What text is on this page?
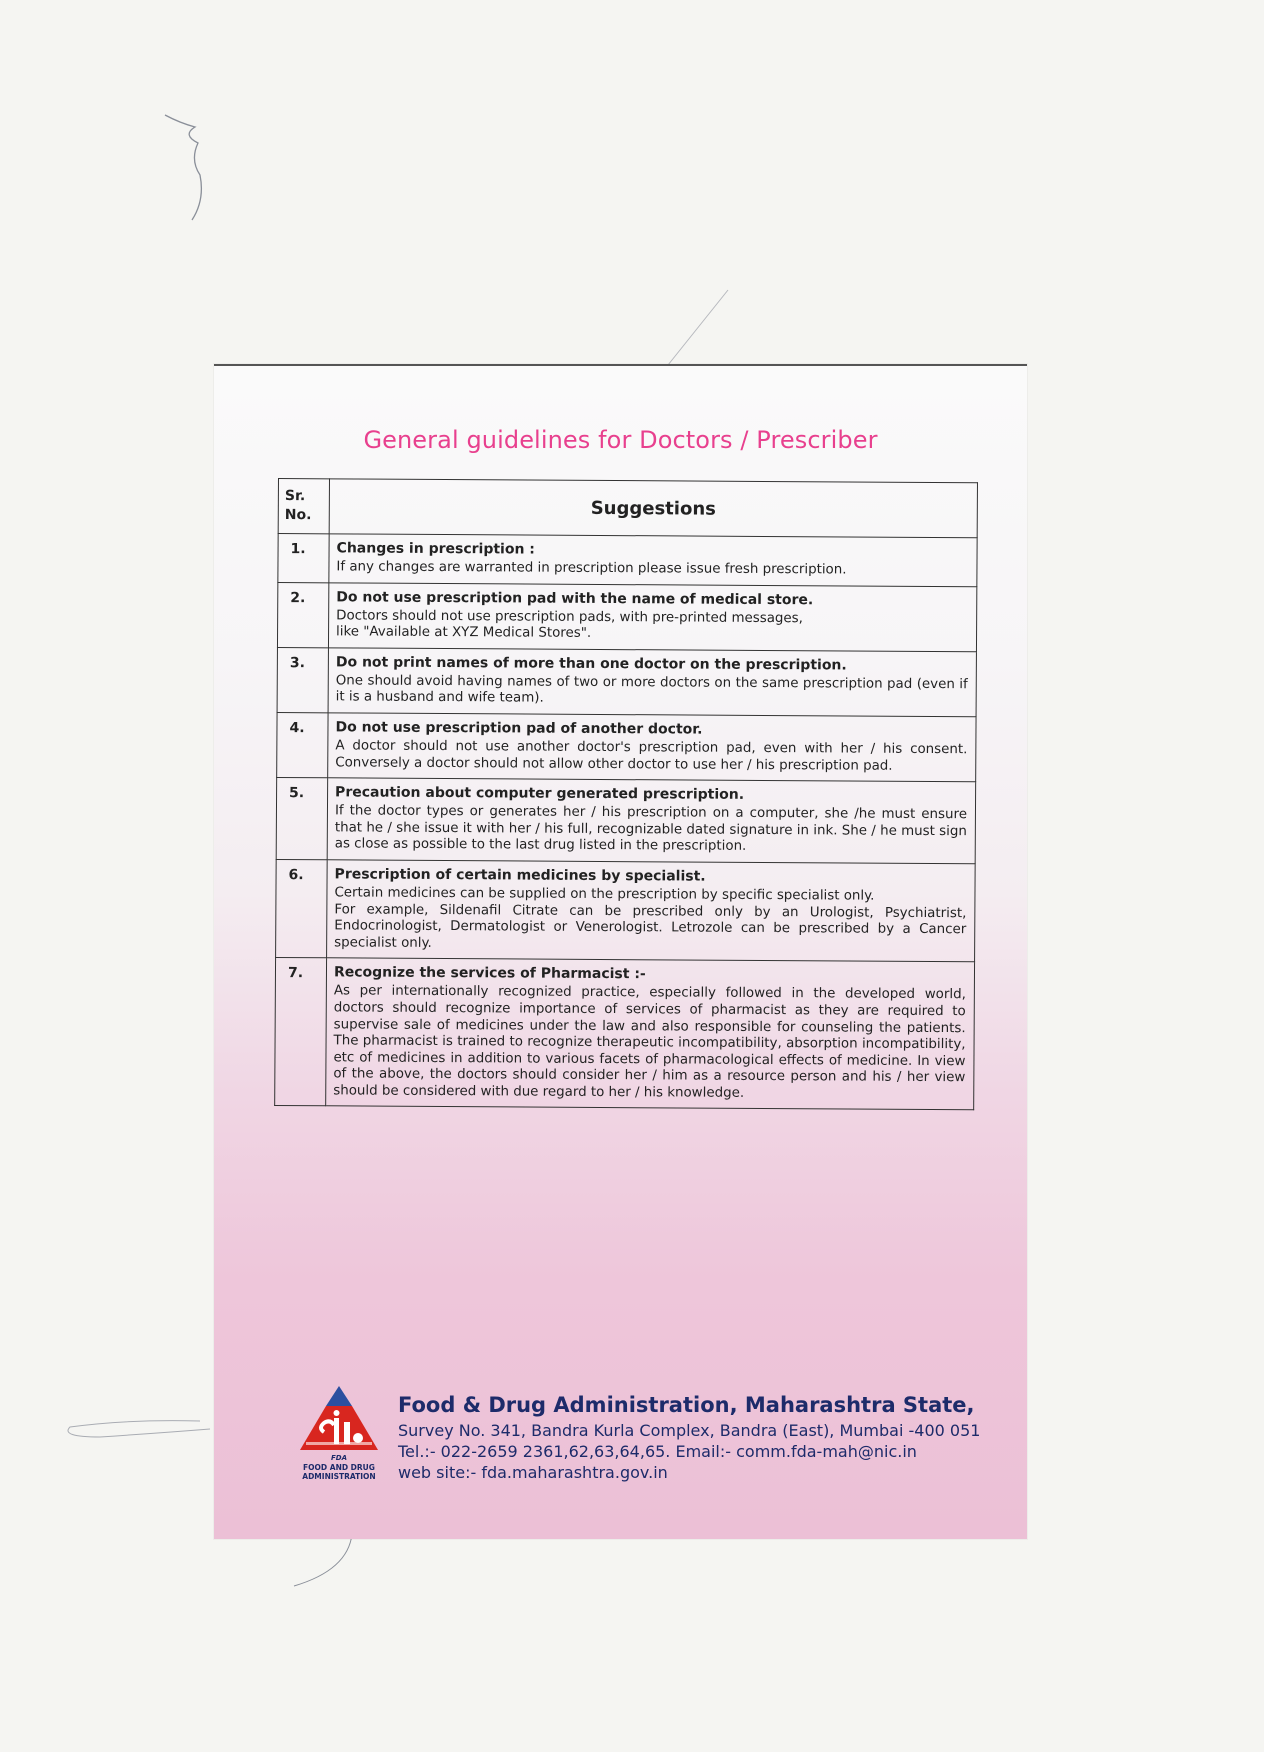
General guidelines for Doctors / Prescriber
Sr. No.	Suggestions
1.	Changes in prescription :
If any changes are warranted in prescription please issue fresh prescription.

2.	Do not use prescription pad with the name of medical store.
Doctors should not use prescription pads, with pre-printed messages,
like "Available at XYZ Medical Stores".

3.	Do not print names of more than one doctor on the prescription.
One should avoid having names of two or more doctors on the same prescription pad (even if it is a husband and wife team).

4.	Do not use prescription pad of another doctor.
A doctor should not use another doctor's prescription pad, even with her / his consent. Conversely a doctor should not allow other doctor to use her / his prescription pad.

5.	Precaution about computer generated prescription.
If the doctor types or generates her / his prescription on a computer, she /he must ensure that he / she issue it with her / his full, recognizable dated signature in ink. She / he must sign as close as possible to the last drug listed in the prescription.

6.	Prescription of certain medicines by specialist.
Certain medicines can be supplied on the prescription by specific specialist only.
For example, Sildenafil Citrate can be prescribed only by an Urologist, Psychiatrist, Endocrinologist, Dermatologist or Venerologist. Letrozole can be prescribed by a Cancer specialist only.

7.	Recognize the services of Pharmacist :-
As per internationally recognized practice, especially followed in the developed world, doctors should recognize importance of services of pharmacist as they are required to supervise sale of medicines under the law and also responsible for counseling the patients. The pharmacist is trained to recognize therapeutic incompatibility, absorption incompatibility, etc of medicines in addition to various facets of pharmacological effects of medicine. In view of the above, the doctors should consider her / him as a resource person and his / her view should be considered with due regard to her / his knowledge.
FDA
FOOD AND DRUG
ADMINISTRATION
Food & Drug Administration, Maharashtra State,
Survey No. 341, Bandra Kurla Complex, Bandra (East), Mumbai -400 051
Tel.:- 022-2659 2361,62,63,64,65. Email:- comm.fda-mah@nic.in
web site:- fda.maharashtra.gov.in
